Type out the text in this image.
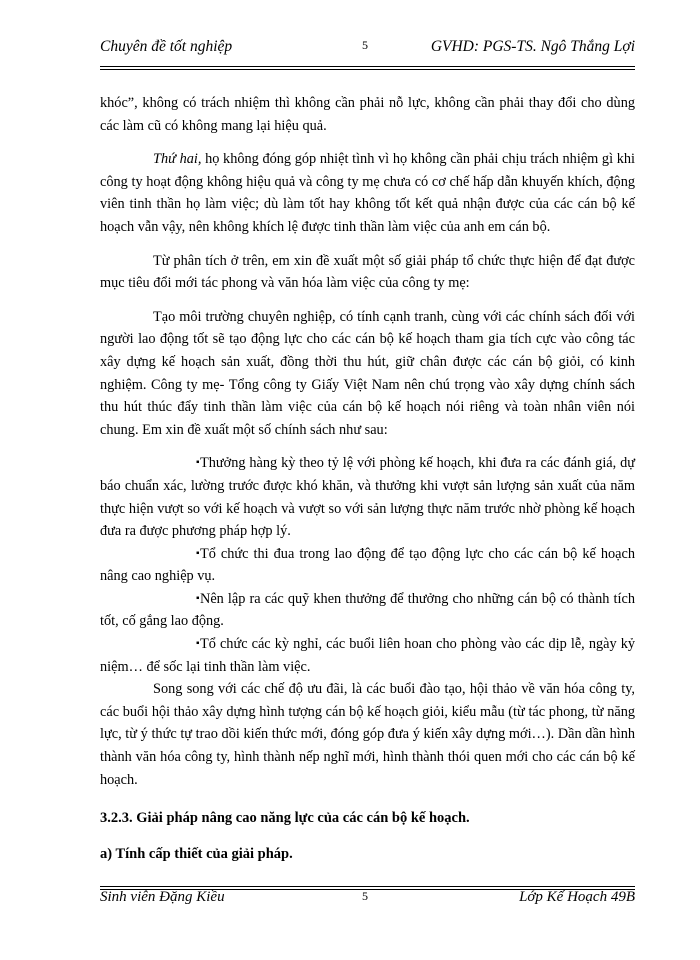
Chuyên đề tốt nghiệp	5	GVHD: PGS-TS. Ngô Thắng Lợi

khóc”, không có trách nhiệm thì không cần phải nỗ lực, không cần phải thay đổi cho dùng các làm cũ có không mang lại hiệu quả.

Thứ hai, họ không đóng góp nhiệt tình vì họ không cần phải chịu trách nhiệm gì khi công ty hoạt động không hiệu quả và công ty mẹ chưa có cơ chế hấp dẫn khuyến khích, động viên tinh thần họ làm việc; dù làm tốt hay không tốt kết quả nhận được của các cán bộ kế hoạch vẫn vậy, nên không khích lệ được tinh thần làm việc của anh em cán bộ.

Từ phân tích ở trên, em xin đề xuất một số giải pháp tổ chức thực hiện để đạt được mục tiêu đổi mới tác phong và văn hóa làm việc của công ty mẹ:

Tạo môi trường chuyên nghiệp, có tính cạnh tranh, cùng với các chính sách đối với người lao động tốt sẽ tạo động lực cho các cán bộ kế hoạch tham gia tích cực vào công tác xây dựng kế hoạch sản xuất, đồng thời thu hút, giữ chân được các cán bộ giỏi, có kinh nghiệm. Công ty mẹ- Tổng công ty Giấy Việt Nam nên chú trọng vào xây dựng chính sách thu hút thúc đẩy tinh thần làm việc của cán bộ kế hoạch nói riêng và toàn nhân viên nói chung. Em xin đề xuất một số chính sách như sau:

▪ Thưởng hàng kỳ theo tỷ lệ với phòng kế hoạch, khi đưa ra các đánh giá, dự báo chuẩn xác, lường trước được khó khăn, và thưởng khi vượt sản lượng sản xuất của năm thực hiện vượt so với kế hoạch và vượt so với sản lượng thực năm trước nhờ phòng kế hoạch đưa ra được phương pháp hợp lý.

▪ Tổ chức thi đua trong lao động để tạo động lực cho các cán bộ kế hoạch nâng cao nghiệp vụ.

▪ Nên lập ra các quỹ khen thưởng để thưởng cho những cán bộ có thành tích tốt, cố gắng lao động.

▪ Tổ chức các kỳ nghỉ, các buổi liên hoan cho phòng vào các dịp lễ, ngày kỷ niệm… để sốc lại tinh thần làm việc.

Song song với các chế độ ưu đãi, là các buổi đào tạo, hội thảo về văn hóa công ty, các buổi hội thảo xây dựng hình tượng cán bộ kế hoạch giỏi, kiểu mẫu (từ tác phong, từ năng lực, từ ý thức tự trao dồi kiến thức mới, đóng góp đưa ý kiến xây dựng mới…). Dần dần hình thành văn hóa công ty, hình thành nếp nghĩ mới, hình thành thói quen mới cho các cán bộ kế hoạch.

3.2.3. Giải pháp nâng cao năng lực của các cán bộ kế hoạch.
a) Tính cấp thiết của giải pháp.
Sinh viên Đặng Kiều	5	Lớp Kế Hoạch 49B
